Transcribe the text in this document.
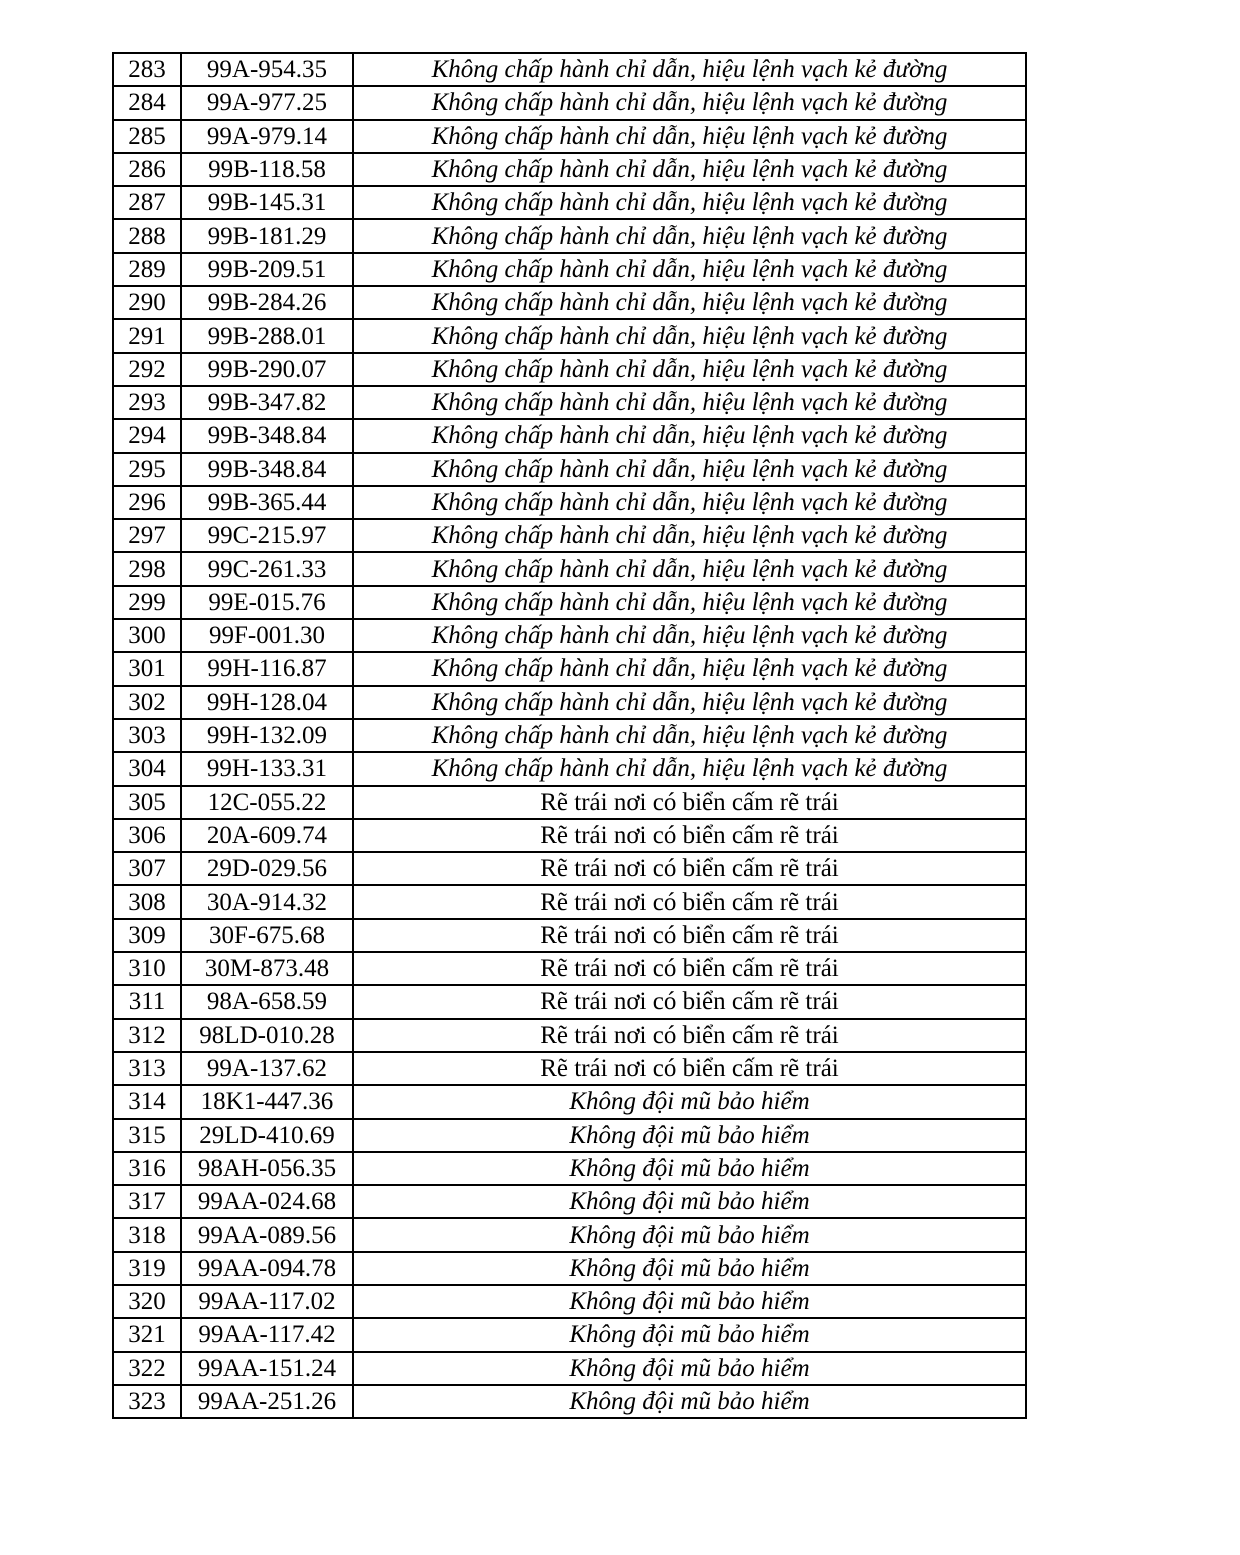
283	99A-954.35	Không chấp hành chỉ dẫn, hiệu lệnh vạch kẻ đường
284	99A-977.25	Không chấp hành chỉ dẫn, hiệu lệnh vạch kẻ đường
285	99A-979.14	Không chấp hành chỉ dẫn, hiệu lệnh vạch kẻ đường
286	99B-118.58	Không chấp hành chỉ dẫn, hiệu lệnh vạch kẻ đường
287	99B-145.31	Không chấp hành chỉ dẫn, hiệu lệnh vạch kẻ đường
288	99B-181.29	Không chấp hành chỉ dẫn, hiệu lệnh vạch kẻ đường
289	99B-209.51	Không chấp hành chỉ dẫn, hiệu lệnh vạch kẻ đường
290	99B-284.26	Không chấp hành chỉ dẫn, hiệu lệnh vạch kẻ đường
291	99B-288.01	Không chấp hành chỉ dẫn, hiệu lệnh vạch kẻ đường
292	99B-290.07	Không chấp hành chỉ dẫn, hiệu lệnh vạch kẻ đường
293	99B-347.82	Không chấp hành chỉ dẫn, hiệu lệnh vạch kẻ đường
294	99B-348.84	Không chấp hành chỉ dẫn, hiệu lệnh vạch kẻ đường
295	99B-348.84	Không chấp hành chỉ dẫn, hiệu lệnh vạch kẻ đường
296	99B-365.44	Không chấp hành chỉ dẫn, hiệu lệnh vạch kẻ đường
297	99C-215.97	Không chấp hành chỉ dẫn, hiệu lệnh vạch kẻ đường
298	99C-261.33	Không chấp hành chỉ dẫn, hiệu lệnh vạch kẻ đường
299	99E-015.76	Không chấp hành chỉ dẫn, hiệu lệnh vạch kẻ đường
300	99F-001.30	Không chấp hành chỉ dẫn, hiệu lệnh vạch kẻ đường
301	99H-116.87	Không chấp hành chỉ dẫn, hiệu lệnh vạch kẻ đường
302	99H-128.04	Không chấp hành chỉ dẫn, hiệu lệnh vạch kẻ đường
303	99H-132.09	Không chấp hành chỉ dẫn, hiệu lệnh vạch kẻ đường
304	99H-133.31	Không chấp hành chỉ dẫn, hiệu lệnh vạch kẻ đường
305	12C-055.22	Rẽ trái nơi có biển cấm rẽ trái
306	20A-609.74	Rẽ trái nơi có biển cấm rẽ trái
307	29D-029.56	Rẽ trái nơi có biển cấm rẽ trái
308	30A-914.32	Rẽ trái nơi có biển cấm rẽ trái
309	30F-675.68	Rẽ trái nơi có biển cấm rẽ trái
310	30M-873.48	Rẽ trái nơi có biển cấm rẽ trái
311	98A-658.59	Rẽ trái nơi có biển cấm rẽ trái
312	98LD-010.28	Rẽ trái nơi có biển cấm rẽ trái
313	99A-137.62	Rẽ trái nơi có biển cấm rẽ trái
314	18K1-447.36	Không đội mũ bảo hiểm
315	29LD-410.69	Không đội mũ bảo hiểm
316	98AH-056.35	Không đội mũ bảo hiểm
317	99AA-024.68	Không đội mũ bảo hiểm
318	99AA-089.56	Không đội mũ bảo hiểm
319	99AA-094.78	Không đội mũ bảo hiểm
320	99AA-117.02	Không đội mũ bảo hiểm
321	99AA-117.42	Không đội mũ bảo hiểm
322	99AA-151.24	Không đội mũ bảo hiểm
323	99AA-251.26	Không đội mũ bảo hiểm
